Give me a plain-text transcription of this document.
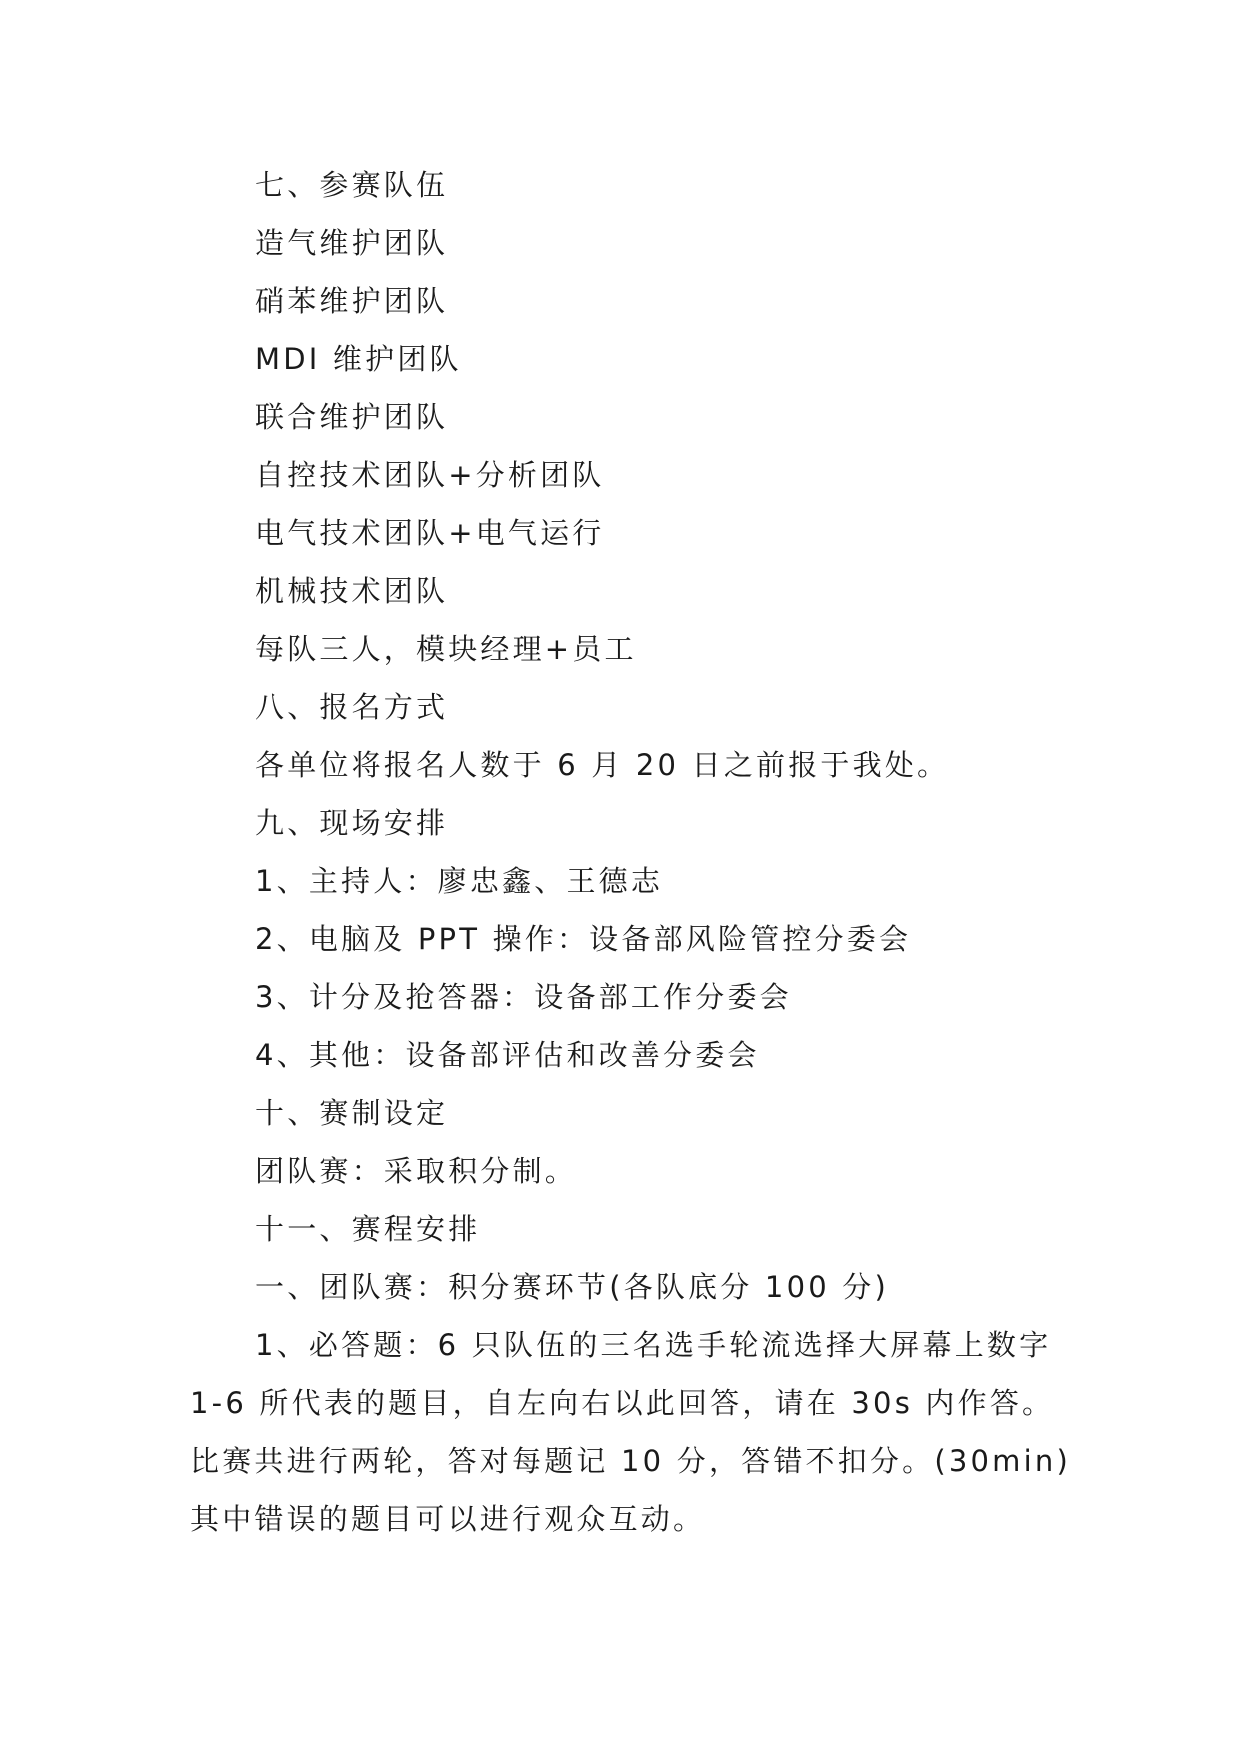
七、参赛队伍
造气维护团队
硝苯维护团队
MDI 维护团队
联合维护团队
自控技术团队+分析团队
电气技术团队+电气运行
机械技术团队
每队三人，模块经理+员工
八、报名方式
各单位将报名人数于 6 月 20 日之前报于我处。
九、现场安排
1、主持人：廖忠鑫、王德志
2、电脑及 PPT 操作：设备部风险管控分委会
3、计分及抢答器：设备部工作分委会
4、其他：设备部评估和改善分委会
十、赛制设定
团队赛：采取积分制。
十一、赛程安排
一、团队赛：积分赛环节(各队底分 100 分)
1、必答题：6 只队伍的三名选手轮流选择大屏幕上数字
1-6 所代表的题目，自左向右以此回答，请在 30s 内作答。
比赛共进行两轮，答对每题记 10 分，答错不扣分。(30min)
其中错误的题目可以进行观众互动。
